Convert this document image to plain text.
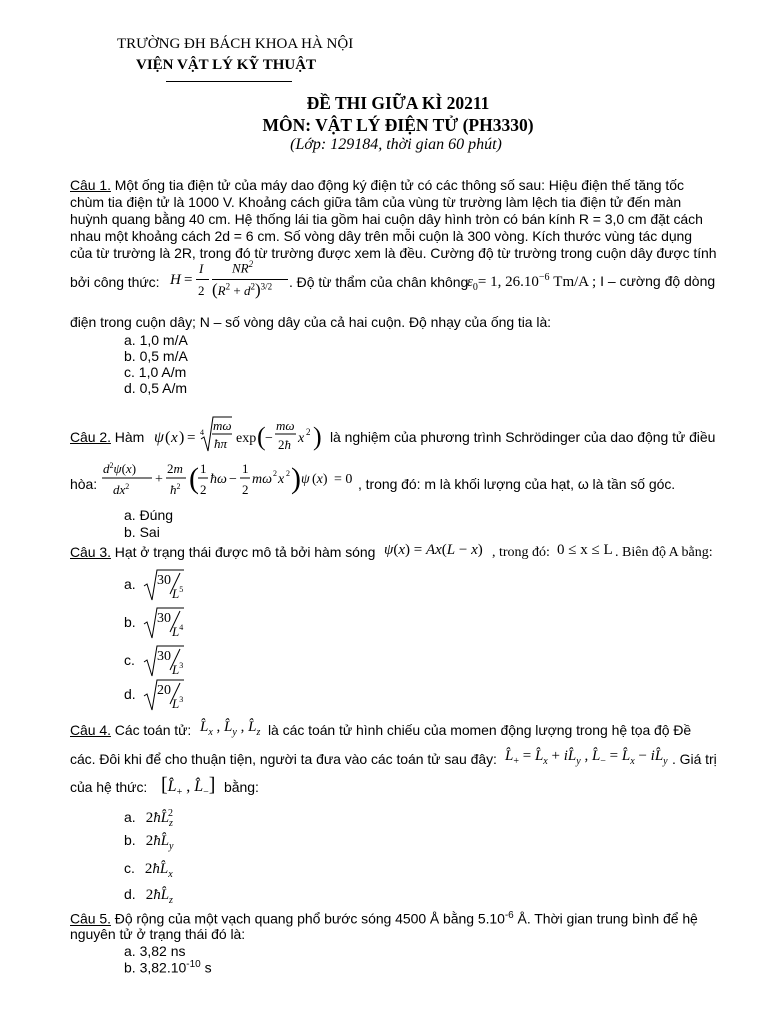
TRƯỜNG ĐH BÁCH KHOA HÀ NỘI
VIỆN VẬT LÝ KỸ THUẬT
ĐỀ THI GIỮA KÌ 20211
MÔN: VẬT LÝ ĐIỆN TỬ (PH3330)
(Lớp: 129184, thời gian 60 phút)
Câu 1. Một ống tia điện tử của máy dao động ký điện tử có các thông số sau: Hiệu điện thế tăng tốc
chùm tia điện tử là 1000 V. Khoảng cách giữa tâm của vùng từ trường làm lệch tia điện tử đến màn
huỳnh quang bằng 40 cm. Hệ thống lái tia gồm hai cuộn dây hình tròn có bán kính R = 3,0 cm đặt cách
nhau một khoảng cách 2d = 6 cm. Số vòng dây trên mỗi cuộn là 300 vòng. Kích thước vùng tác dụng
của từ trường là 2R, trong đó từ trường được xem là đều. Cường độ từ trường trong cuộn dây được tính
bởi công thức: H =
I
2
$NR^2$
$(R^2 + d^2)^{3/2}$ . Độ từ thẩm của chân không
$\varepsilon_0= 1$, $26.10^{-6}$ Tm/A ; I – cường độ dòng
điện trong cuộn dây; N – số vòng dây của cả hai cuộn. Độ nhạy của ống tia là:
a. 1,0 m/A
b. 0,5 m/A
c. 1,0 A/m
d. 0,5 A/m
Câu 2. Hàm ψ ( x ) = 4 mω
ħπ exp ( −
mω
2ħ x 2 ) là nghiệm của phương trình Schrödinger của dao động tử điều
hòa:
$d^2\psi(x)$
$dx^2$ +
2m
$ħ^2$ ( 1
2
ħω −
1
2
mω 2 x 2 ) ψ (x) = 0 , trong đó: m là khối lượng của hạt, ω là tần số góc.
a. Đúng
b. Sai
Câu 3. Hạt ở trạng thái được mô tả bởi hàm sóng ψ(x) = Ax(L − x) , trong đó: 0 ≤ x ≤ L . Biên độ A bằng:
a.
b.
c.
d.
30
$L^5$
30
$L^4$
30
$L^3$
20
$L^3$
Câu 4. Các toán tử: $L̂_x$ , $L̂_y$ , $L̂_z$ là các toán tử hình chiếu của momen động lượng trong hệ tọa độ Đề
các. Đôi khi để cho thuận tiện, người ta đưa vào các toán tử sau đây: $L̂_+$ = $L̂_x$ + $iL̂_y$ , $L̂_-$ = $L̂_x$ − $iL̂_y$ . Giá trị
của hệ thức: [$L̂_+$ , $L̂_-$] bằng:
a. $2ħL̂_z^2$
b. $2ħL̂_y$
c. $2ħL̂_x$
d. $2ħL̂_z$
Câu 5. Độ rộng của một vạch quang phổ bước sóng 4500 Å bằng $5.10^{-6}$ Å. Thời gian trung bình để hệ
nguyên tử ở trạng thái đó là:
a. 3,82 ns
b. $3,82.10^{-10}$ s
